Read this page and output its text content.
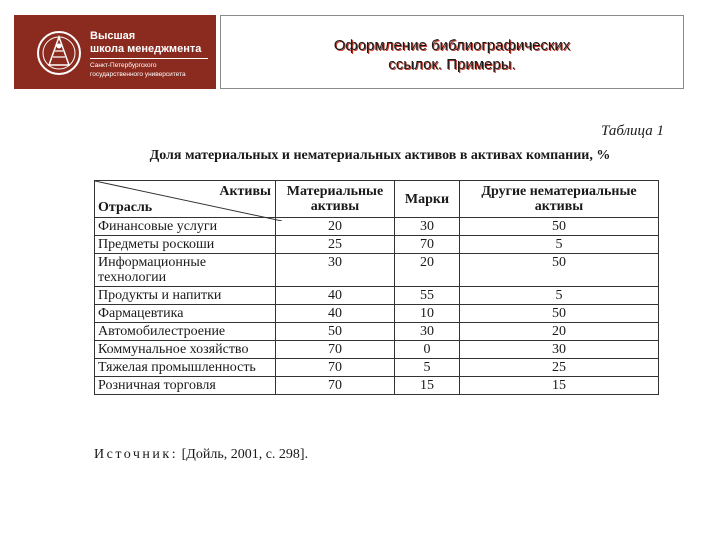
Высшая
школа менеджмента
Санкт-Петербургского
государственного университета
Оформление библиографических
ссылок. Примеры.
Таблица 1
Доля материальных и нематериальных активов в активах компании, %
Активы
Отрасль	Материальные активы	Марки	Другие нематериальные активы
Финансовые услуги	20	30	50
Предметы роскоши	25	70	5
Информационные технологии	30	20	50
Продукты и напитки	40	55	5
Фармацевтика	40	10	50
Автомобилестроение	50	30	20
Коммунальное хозяйство	70	0	30
Тяжелая промышленность	70	5	25
Розничная торговля	70	15	15
Источник: [Дойль, 2001, с. 298].
